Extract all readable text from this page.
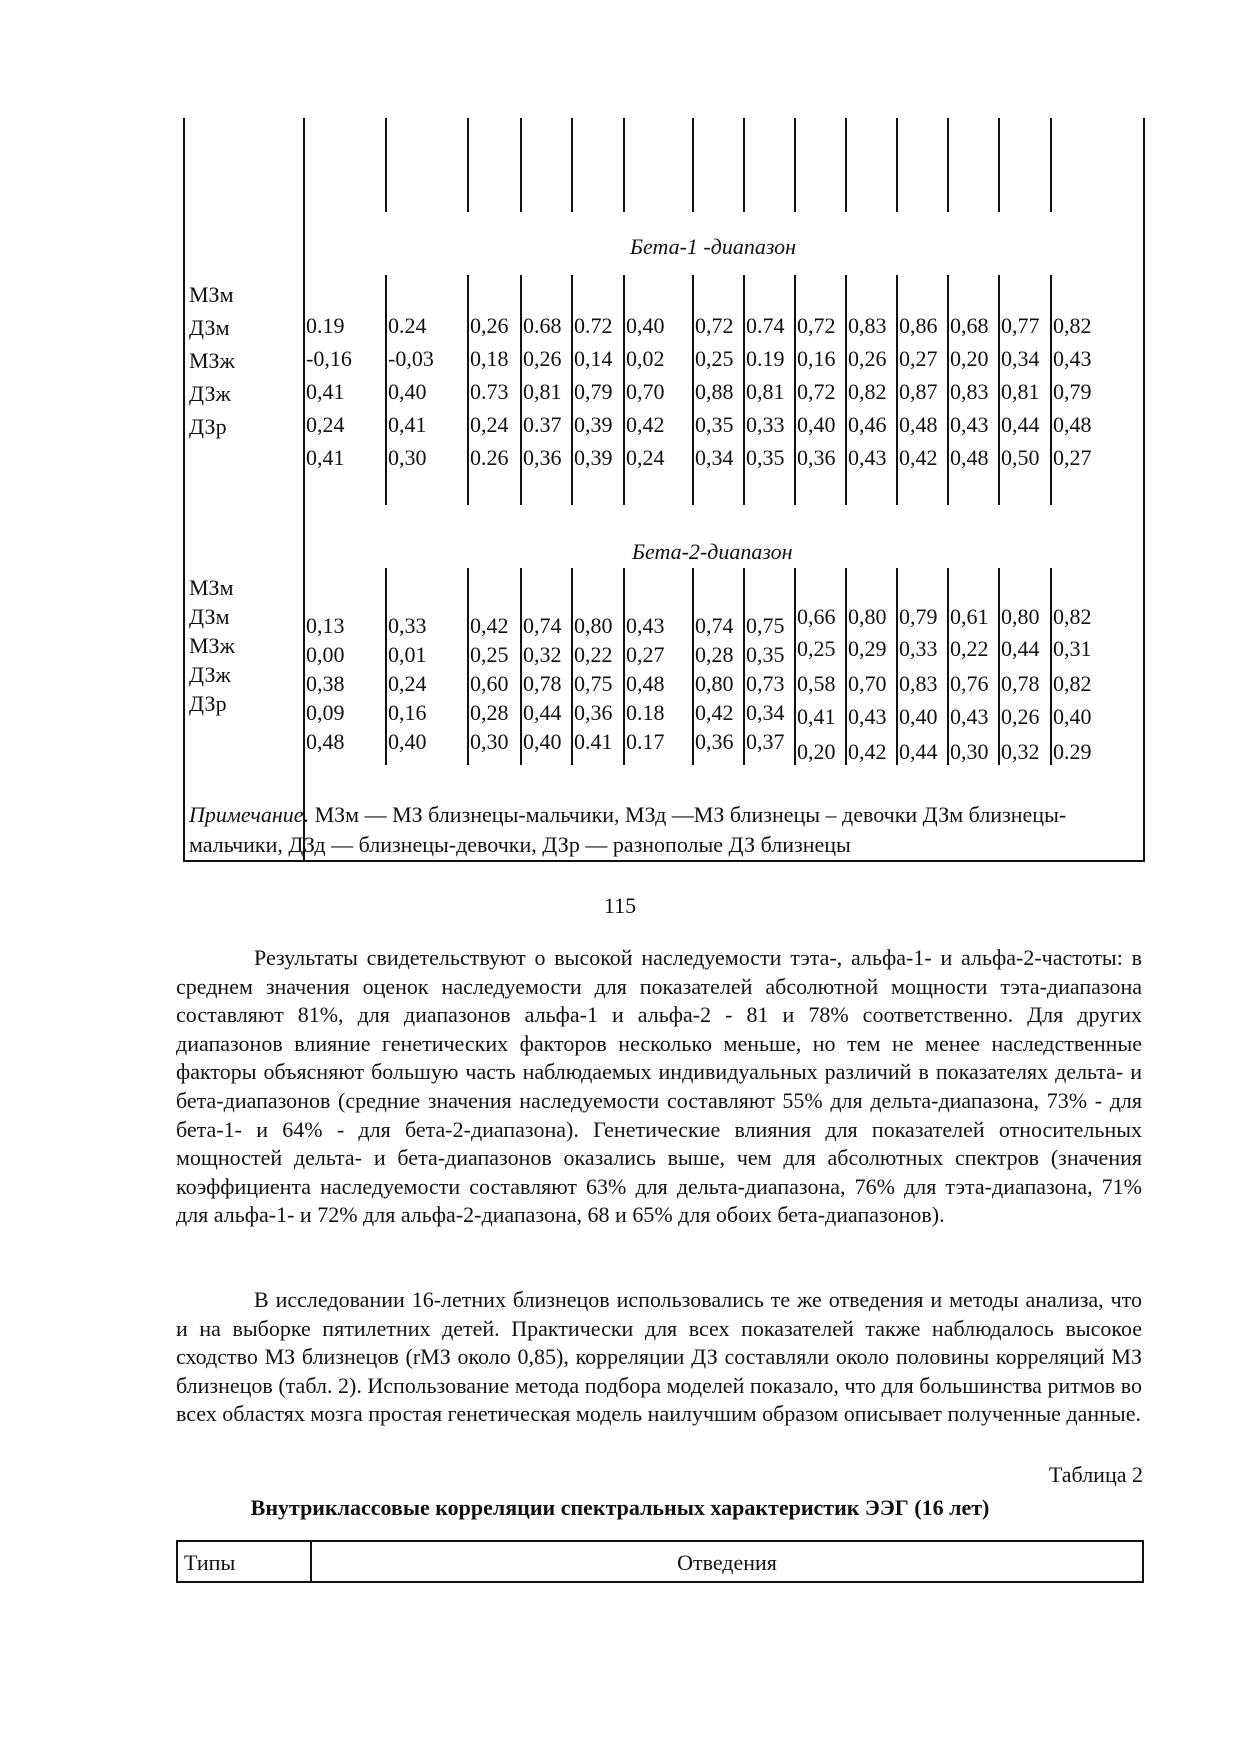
Бета-1 -диапазон
МЗм
ДЗм
МЗж
ДЗж
ДЗр
0.19 0.24 0,26 0.68 0.72 0,40 0,72 0.74 0,72 0,83 0,86 0,68 0,77 0,82
-0,16 -0,03 0,18 0,26 0,14 0,02 0,25 0.19 0,16 0,26 0,27 0,20 0,34 0,43
0,41 0,40 0.73 0,81 0,79 0,70 0,88 0,81 0,72 0,82 0,87 0,83 0,81 0,79
0,24 0,41 0,24 0.37 0,39 0,42 0,35 0,33 0,40 0,46 0,48 0,43 0,44 0,48
0,41 0,30 0.26 0,36 0,39 0,24 0,34 0,35 0,36 0,43 0,42 0,48 0,50 0,27
Бета-2-диапазон
МЗм
ДЗм
МЗж
ДЗж
ДЗр
0,13 0,33 0,42 0,74 0,80 0,43 0,74 0,75 0,66 0,80 0,79 0,61 0,80 0,82
0,00 0,01 0,25 0,32 0,22 0,27 0,28 0,35 0,25 0,29 0,33 0,22 0,44 0,31
0,38 0,24 0,60 0,78 0,75 0,48 0,80 0,73 0,58 0,70 0,83 0,76 0,78 0,82
0,09 0,16 0,28 0,44 0,36 0.18 0,42 0,34 0,41 0,43 0,40 0,43 0,26 0,40
0,48 0,40 0,30 0,40 0.41 0.17 0,36 0,37 0,20 0,42 0,44 0,30 0,32 0.29
Примечание. МЗм — МЗ близнецы-мальчики, МЗд —МЗ близнецы – девочки ДЗм близнецы-мальчики, ДЗд — близнецы-девочки, ДЗр — разнополые ДЗ близнецы
115
Результаты свидетельствуют о высокой наследуемости тэта-, альфа-1- и альфа-2-частоты: в среднем значения оценок наследуемости для показателей абсолютной мощности тэта-диапазона составляют 81%, для диапазонов альфа-1 и альфа-2 - 81 и 78% соответственно. Для других диапазонов влияние генетических факторов несколько меньше, но тем не менее наследственные факторы объясняют большую часть наблюдаемых индивидуальных различий в показателях дельта- и бета-диапазонов (средние значения наследуемости составляют 55% для дельта-диапазона, 73% - для бета-1- и 64% - для бета-2-диапазона). Генетические влияния для показателей относительных мощностей дельта- и бета-диапазонов оказались выше, чем для абсолютных спектров (значения коэффициента наследуемости составляют 63% для дельта-диапазона, 76% для тэта-диапазона, 71% для альфа-1- и 72% для альфа-2-диапазона, 68 и 65% для обоих бета-диапазонов).
В исследовании 16-летних близнецов использовались те же отведения и методы анализа, что и на выборке пятилетних детей. Практически для всех показателей также наблюдалось высокое сходство МЗ близнецов (rМЗ около 0,85), корреляции ДЗ составляли около половины корреляций МЗ близнецов (табл. 2). Использование метода подбора моделей показало, что для большинства ритмов во всех областях мозга простая генетическая модель наилучшим образом описывает полученные данные.
Таблица 2
Внутриклассовые корреляции спектральных характеристик ЭЭГ (16 лет)
Типы	Отведения
